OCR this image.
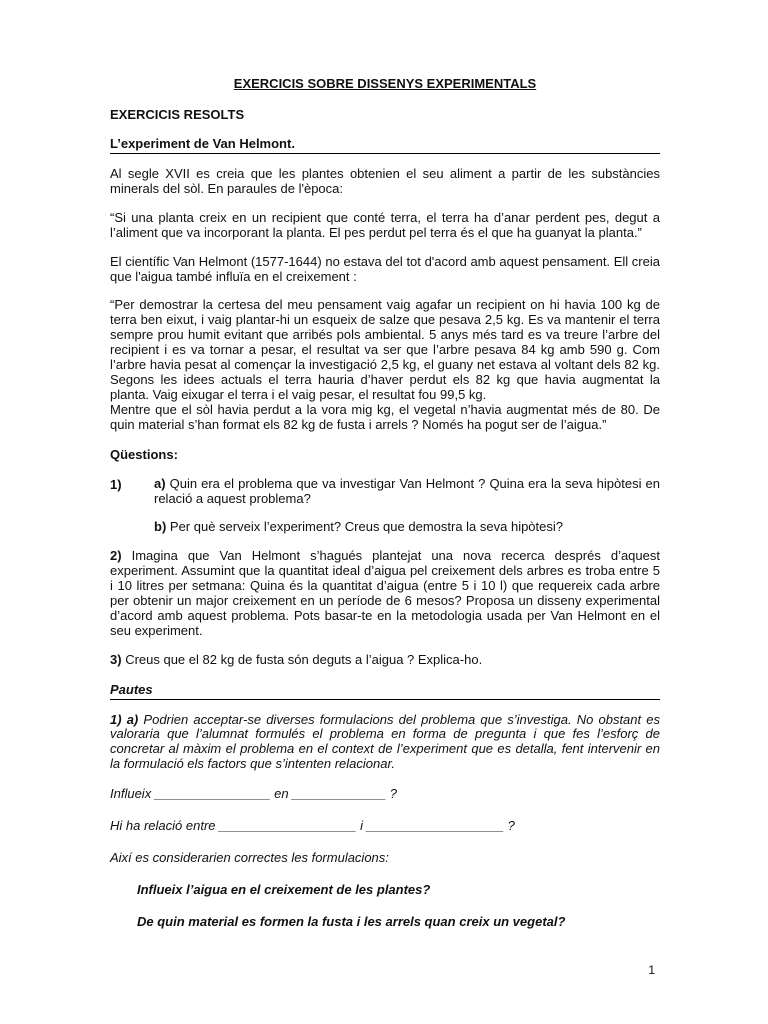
EXERCICIS SOBRE DISSENYS EXPERIMENTALS

EXERCICIS RESOLTS

L’experiment de Van Helmont.

Al segle XVII es creia que les plantes obtenien el seu aliment a partir de les substàncies minerals del sòl. En paraules de l'època:

“Si una planta creix en un recipient que conté terra, el terra ha d’anar perdent pes, degut a l’aliment que va incorporant la planta. El pes perdut pel terra és el que ha guanyat la planta.”

El científic Van Helmont (1577-1644) no estava del tot d'acord amb aquest pensament. Ell creia que l'aigua també influïa en el creixement :

“Per demostrar la certesa del meu pensament vaig agafar un recipient on hi havia 100 kg de terra ben eixut, i vaig plantar-hi un esqueix de salze que pesava 2,5 kg. Es va mantenir el terra sempre prou humit evitant que arribés pols ambiental. 5 anys més tard es va treure l’arbre del recipient i es va tornar a pesar, el resultat va ser que l’arbre pesava 84 kg amb 590 g. Com l’arbre havia pesat al començar la investigació 2,5 kg, el guany net estava al voltant dels 82 kg. Segons les idees actuals el terra hauria d’haver perdut els 82 kg que havia augmentat la planta. Vaig eixugar el terra i el vaig pesar, el resultat fou 99,5 kg.

Mentre que el sòl havia perdut a la vora mig kg, el vegetal n’havia augmentat més de 80. De quin material s’han format els 82 kg de fusta i arrels ? Només ha pogut ser de l’aigua.”

Qüestions:

1)	a) Quin era el problema que va investigar Van Helmont ? Quina era la seva hipòtesi en relació a aquest problema?

b) Per què serveix l’experiment? Creus que demostra la seva hipòtesi?

2) Imagina que Van Helmont s’hagués plantejat una nova recerca després d’aquest experiment. Assumint que la quantitat ideal d’aigua pel creixement dels arbres es troba entre 5 i 10 litres per setmana: Quina és la quantitat d’aigua (entre 5 i 10 l) que requereix cada arbre per obtenir un major creixement en un període de 6 mesos? Proposa un disseny experimental d’acord amb aquest problema. Pots basar-te en la metodologia usada per Van Helmont en el seu experiment.

3) Creus que el 82 kg de fusta són deguts a l’aigua ? Explica-ho.

Pautes

1) a) Podrien acceptar-se diverses formulacions del problema que s’investiga. No obstant es valoraria que l’alumnat formulés el problema en forma de pregunta i que fes l’esforç de concretar al màxim el problema en el context de l’experiment que es detalla, fent intervenir en la formulació els factors que s’intenten relacionar.

Influeix ________________ en _____________ ?

Hi ha relació entre ___________________ i ___________________ ?

Així es considerarien correctes les formulacions:

Influeix l’aigua en el creixement de les plantes?

De quin material es formen la fusta i les arrels quan creix un vegetal?

1
